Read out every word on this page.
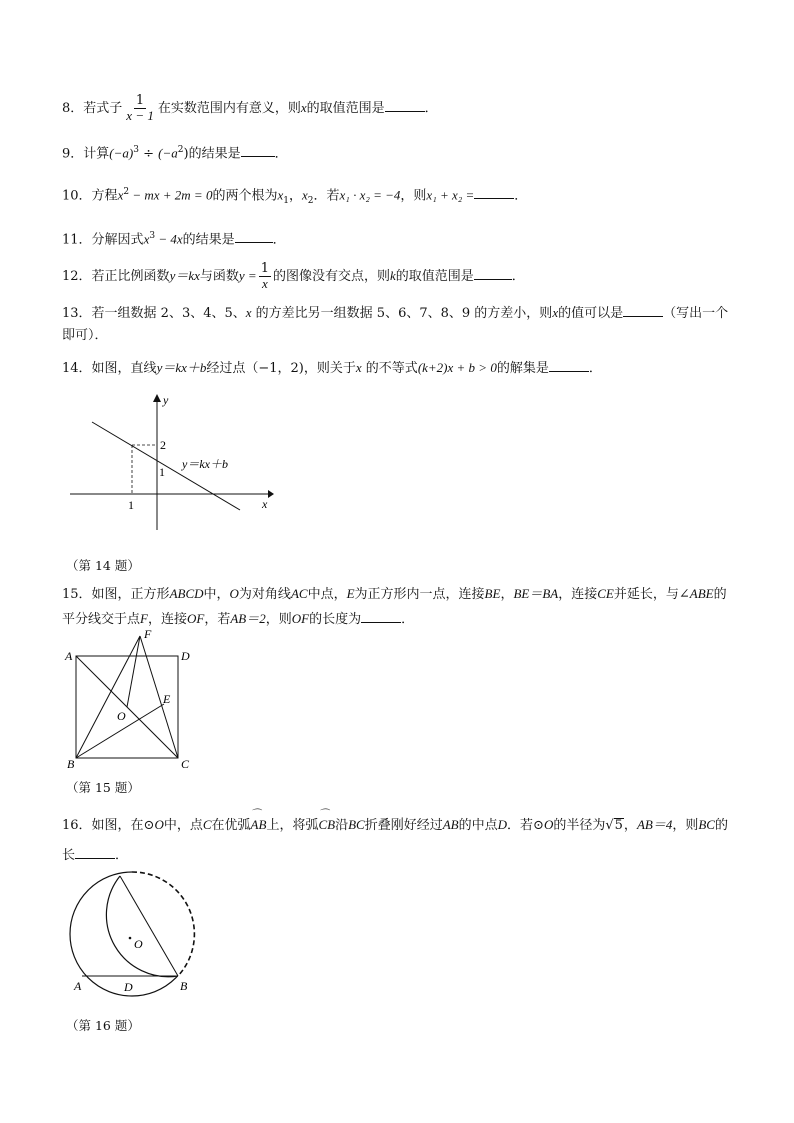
8．若式子 $\frac{1}{x - 1}$ 在实数范围内有意义，则x的取值范围是	．
9．计算$(-a)^3 \div (-a^2)$的结果是	．
10．方程$x^2$ − mx + 2m = 0的两个根为$x_1$，$x_2$．若x₁ · x₂ = −4，则x₁ + x₂ =	．
11．分解因式$x^3 - 4x$的结果是	．
12．若正比例函数y＝kx与函数$y = \frac{1}{x}$ 的图像没有交点，则k的取值范围是	．
13．若一组数据 2、3、4、5、x 的方差比另一组数据 5、6、7、8、9 的方差小，则x的值可以是	（写出一个即可）．
14．如图，直线y＝kx＋b经过点（−1，2)，则关于x 的不等式(k+2)x + b > 0的解集是	．
y
x
2
1
1
y＝kx＋b
（第 14 题）
15．如图，正方形ABCD中，O为对角线AC中点，E为正方形内一点，连接BE，BE＝BA，连接CE并延长，与∠ABE的平分线交于点F，连接OF，若AB＝2，则OF的长度为	．
A	D
B	C
F
E
O
（第 15 题）
16．如图，在⊙O中，点C在优弧⌒ AB上，将弧⌒ CB沿BC折叠刚好经过AB的中点D．若⊙O的半径为√5，AB＝4，则BC的长	．
O
A	D	B
（第 16 题）
